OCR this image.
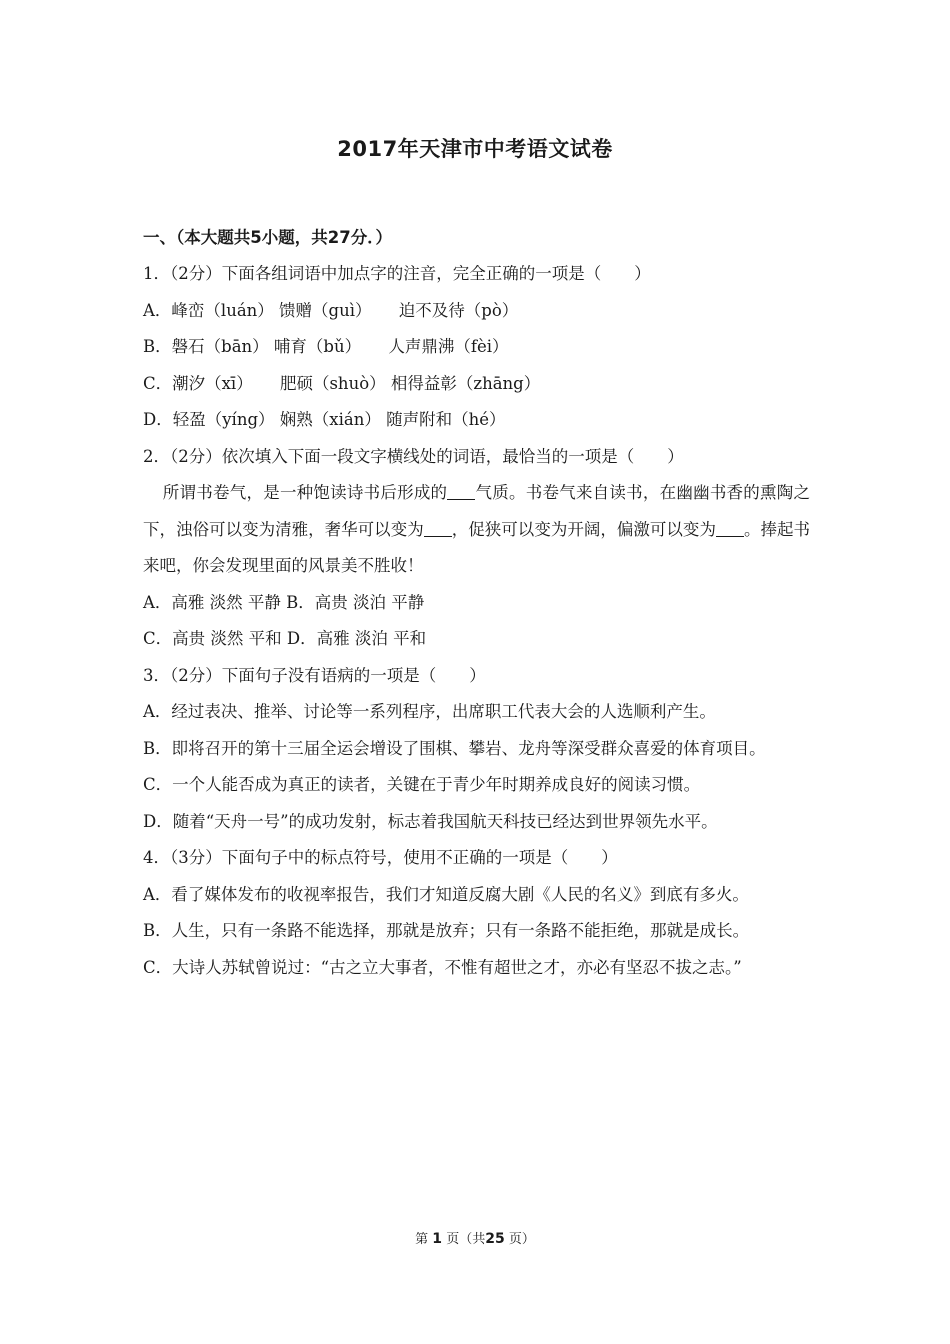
2017年天津市中考语文试卷
一、（本大题共5小题，共27分．）
1．（2分）下面各组词语中加点字的注音，完全正确的一项是（　　）
A．峰峦（luán） 馈赠（guì） 迫不及待（pò）
B．磐石（bān） 哺育（bǔ） 人声鼎沸（fèi）
C．潮汐（xī） 肥硕（shuò） 相得益彰（zhāng）
D．轻盈（yíng） 娴熟（xián） 随声附和（hé）
2．（2分）依次填入下面一段文字横线处的词语，最恰当的一项是（　　）
所谓书卷气，是一种饱读诗书后形成的 气质。书卷气来自读书，在幽幽书香的熏陶之下，浊俗可以变为清雅，奢华可以变为 ，促狭可以变为开阔，偏激可以变为 。捧起书来吧，你会发现里面的风景美不胜收！
A．高雅 淡然 平静 B．高贵 淡泊 平静
C．高贵 淡然 平和 D．高雅 淡泊 平和
3．（2分）下面句子没有语病的一项是（　　）
A．经过表决、推举、讨论等一系列程序，出席职工代表大会的人选顺利产生。
B．即将召开的第十三届全运会增设了围棋、攀岩、龙舟等深受群众喜爱的体育项目。
C．一个人能否成为真正的读者，关键在于青少年时期养成良好的阅读习惯。
D．随着“天舟一号”的成功发射，标志着我国航天科技已经达到世界领先水平。
4．（3分）下面句子中的标点符号，使用不正确的一项是（　　）
A．看了媒体发布的收视率报告，我们才知道反腐大剧《人民的名义》到底有多火。
B．人生，只有一条路不能选择，那就是放弃；只有一条路不能拒绝，那就是成长。
C．大诗人苏轼曾说过：“古之立大事者，不惟有超世之才，亦必有坚忍不拔之志。”
第 1 页（共25 页）
